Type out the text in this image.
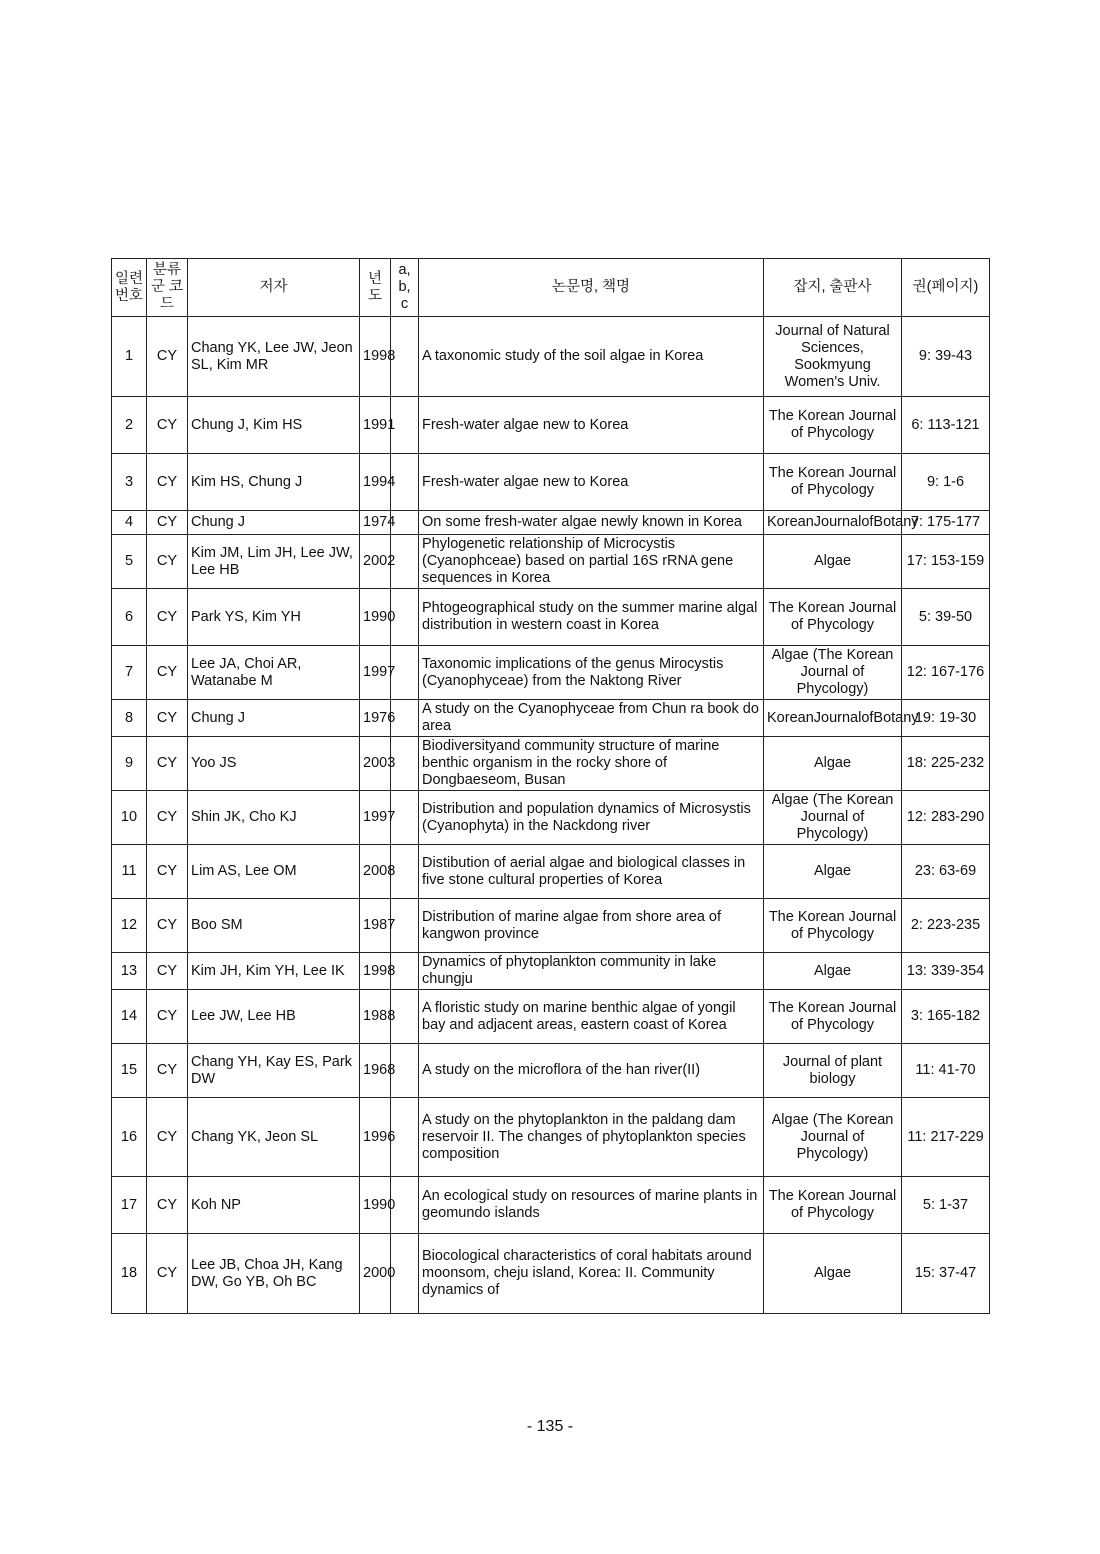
일련 번호	분류군 코드	저자	년도	a, b, c	논문명, 책명	잡지, 출판사	권(페이지)
1	CY	Chang YK, Lee JW, Jeon SL, Kim MR	1998		A taxonomic study of the soil algae in Korea	Journal of Natural Sciences, Sookmyung Women's Univ.	9: 39-43
2	CY	Chung J, Kim HS	1991		Fresh-water algae new to Korea	The Korean Journal of Phycology	6: 113-121
3	CY	Kim HS, Chung J	1994		Fresh-water algae new to Korea	The Korean Journal of Phycology	9: 1-6
4	CY	Chung J	1974		On some fresh-water algae newly known in Korea	KoreanJournalofBotany	7: 175-177
5	CY	Kim JM, Lim JH, Lee JW, Lee HB	2002		Phylogenetic relationship of Microcystis (Cyanophceae) based on partial 16S rRNA gene sequences in Korea	Algae	17: 153-159
6	CY	Park YS, Kim YH	1990		Phtogeographical study on the summer marine algal distribution in western coast in Korea	The Korean Journal of Phycology	5: 39-50
7	CY	Lee JA, Choi AR, Watanabe M	1997		Taxonomic implications of the genus Mirocystis (Cyanophyceae) from the Naktong River	Algae (The Korean Journal of Phycology)	12: 167-176
8	CY	Chung J	1976		A study on the Cyanophyceae from Chun ra book do area	KoreanJournalofBotany	19: 19-30
9	CY	Yoo JS	2003		Biodiversityand community structure of marine benthic organism in the rocky shore of Dongbaeseom, Busan	Algae	18: 225-232
10	CY	Shin JK, Cho KJ	1997		Distribution and population dynamics of Microsystis (Cyanophyta) in the Nackdong river	Algae (The Korean Journal of Phycology)	12: 283-290
11	CY	Lim AS, Lee OM	2008		Distibution of aerial algae and biological classes in five stone cultural properties of Korea	Algae	23: 63-69
12	CY	Boo SM	1987		Distribution of marine algae from shore area of kangwon province	The Korean Journal of Phycology	2: 223-235
13	CY	Kim JH, Kim YH, Lee IK	1998		Dynamics of phytoplankton community in lake chungju	Algae	13: 339-354
14	CY	Lee JW, Lee HB	1988		A floristic study on marine benthic algae of yongil bay and adjacent areas, eastern coast of Korea	The Korean Journal of Phycology	3: 165-182
15	CY	Chang YH, Kay ES, Park DW	1968		A study on the microflora of the han river(II)	Journal of plant biology	11: 41-70
16	CY	Chang YK, Jeon SL	1996		A study on the phytoplankton in the paldang dam reservoir II. The changes of phytoplankton species composition	Algae (The Korean Journal of Phycology)	11: 217-229
17	CY	Koh NP	1990		An ecological study on resources of marine plants in geomundo islands	The Korean Journal of Phycology	5: 1-37
18	CY	Lee JB, Choa JH, Kang DW, Go YB, Oh BC	2000		Biocological characteristics of coral habitats around moonsom, cheju island, Korea: II. Community dynamics of	Algae	15: 37-47
- 135 -
